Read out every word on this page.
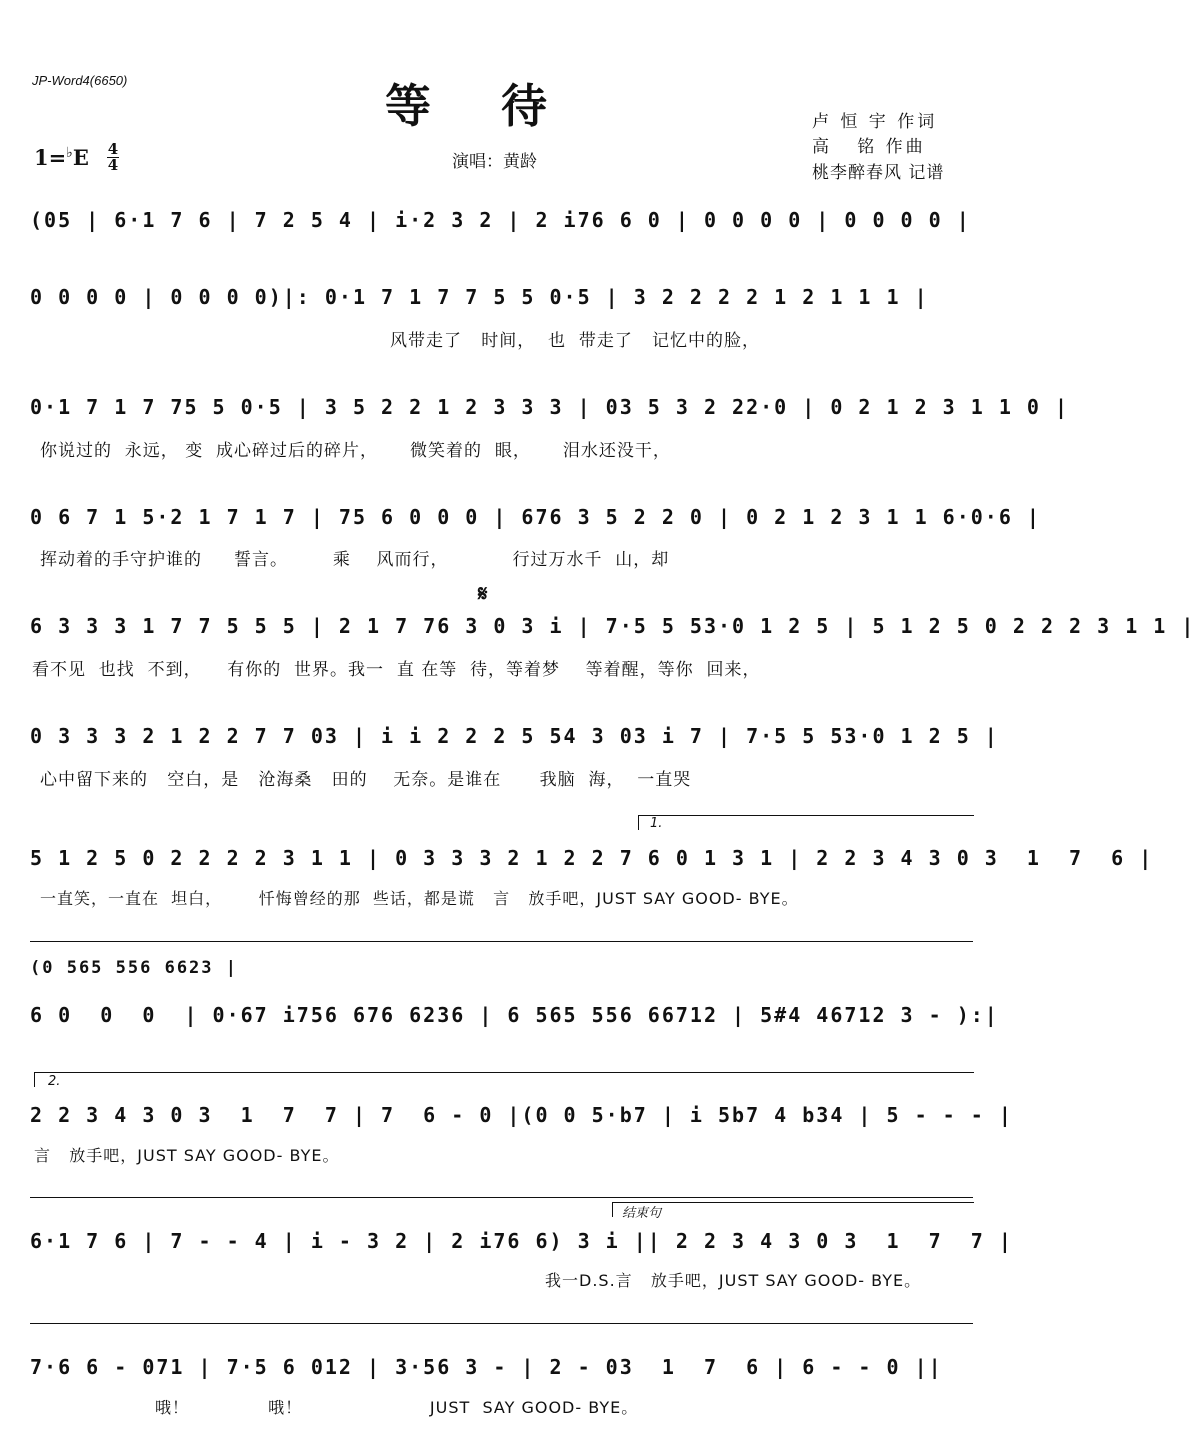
JP-Word4(6650)	等待
1=♭E 4
4	演唱：黄龄
卢 恒 宇 作词
高   铭 作曲
桃李醉春风 记谱
(05 | 6·1 7 6 | 7 2 5 4 | i·2 3 2 | 2 i76 6 0 | 0 0 0 0 | 0 0 0 0 |
0 0 0 0 | 0 0 0 0)|: 0·1 7 1 7 7 5 5 0·5 | 3 2 2 2 2 1 2 1 1 1 |
风带走了   时间，  也  带走了   记忆中的脸，
0·1 7 1 7 75 5 0·5 | 3 5 2 2 1 2 3 3 3 | 03 5 3 2 22·0 | 0 2 1 2 3 1 1 0 |
你说过的  永远， 变  成心碎过后的碎片，     微笑着的  眼，     泪水还没干，
0 6 7 1 5·2 1 7 1 7 | 75 6 0 0 0 | 676 3 5 2 2 0 | 0 2 1 2 3 1 1 6·0·6 |
挥动着的手守护谁的     誓言。       乘    风而行，          行过万水千  山，却
𝄋
6 3 3 3 1 7 7 5 5 5 | 2 1 7 76 3 0 3 i | 7·5 5 53·0 1 2 5 | 5 1 2 5 0 2 2 2 3 1 1 |
看不见  也找  不到，    有你的  世界。我一  直 在等  待，等着梦    等着醒，等你  回来，
0 3 3 3 2 1 2 2 7 7 03 | i i 2 2 2 5 54 3 03 i 7 | 7·5 5 53·0 1 2 5 |
心中留下来的   空白，是   沧海桑   田的    无奈。是谁在      我脑  海，  一直哭
1.
5 1 2 5 0 2 2 2 2 3 1 1 | 0 3 3 3 2 1 2 2 7 6 0 1 3 1 | 2 2 3 4 3 0 3  1  7  6 |
一直笑，一直在  坦白，      忏悔曾经的那  些话，都是谎   言   放手吧，JUST SAY GOOD- BYE。
(0 565 556 6623 |
6 0  0  0  | 0·67 i756 676 6236 | 6 565 556 66712 | 5#4 46712 3 - ):|
2.
2 2 3 4 3 0 3  1  7  7 | 7  6 - 0 |(0 0 5·b7 | i 5b7 4 b34 | 5 - - - |
言   放手吧，JUST SAY GOOD- BYE。
结束句
6·1 7 6 | 7 - - 4 | i - 3 2 | 2 i76 6) 3 i || 2 2 3 4 3 0 3  1  7  7 |
我一D.S.言   放手吧，JUST SAY GOOD- BYE。
7·6 6 - 071 | 7·5 6 012 | 3·56 3 - | 2 - 03  1  7  6 | 6 - - 0 ||
哦！             哦！                     JUST  SAY GOOD- BYE。
